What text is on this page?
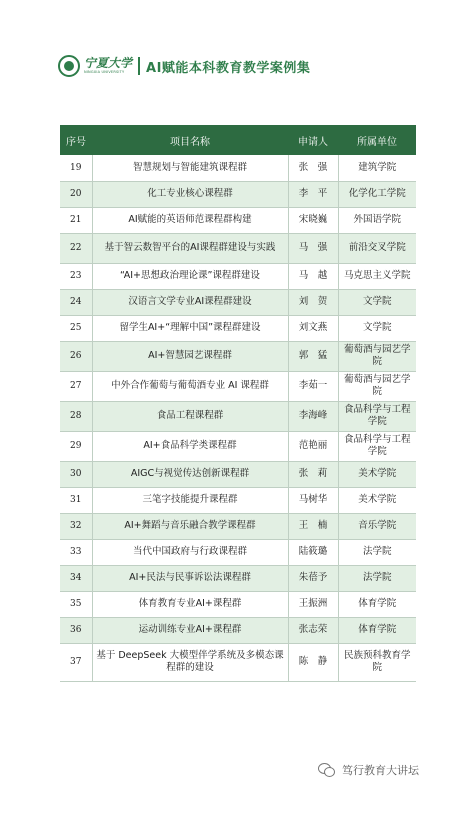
宁夏大学
NINGXIA UNIVERSITY	AI赋能本科教育教学案例集
序号	项目名称	申请人	所属单位
19	智慧规划与智能建筑课程群	张　强	建筑学院
20	化工专业核心课程群	李　平	化学化工学院
21	AI赋能的英语师范课程群构建	宋晓巍	外国语学院
22	基于智云数智平台的AI课程群建设与实践	马　强	前沿交叉学院
23	“AI+思想政治理论课”课程群建设	马　越	马克思主义学院
24	汉语言文学专业AI课程群建设	刘　贺	文学院
25	留学生AI+“理解中国”课程群建设	刘文燕	文学院
26	AI+智慧园艺课程群	郭　猛	葡萄酒与园艺学院
27	中外合作葡萄与葡萄酒专业 AI 课程群	李茹一	葡萄酒与园艺学院
28	食品工程课程群	李海峰	食品科学与工程学院
29	AI+食品科学类课程群	范艳丽	食品科学与工程学院
30	AIGC与视觉传达创新课程群	张　莉	美术学院
31	三笔字技能提升课程群	马树华	美术学院
32	AI+舞蹈与音乐融合教学课程群	王　楠	音乐学院
33	当代中国政府与行政课程群	陆筱璐	法学院
34	AI+民法与民事诉讼法课程群	朱蓓予	法学院
35	体育教育专业AI+课程群	王振洲	体育学院
36	运动训练专业AI+课程群	张志荣	体育学院
37	基于 DeepSeek 大模型伴学系统及多模态课程群的建设	陈　静	民族预科教育学院
笃行教育大讲坛
